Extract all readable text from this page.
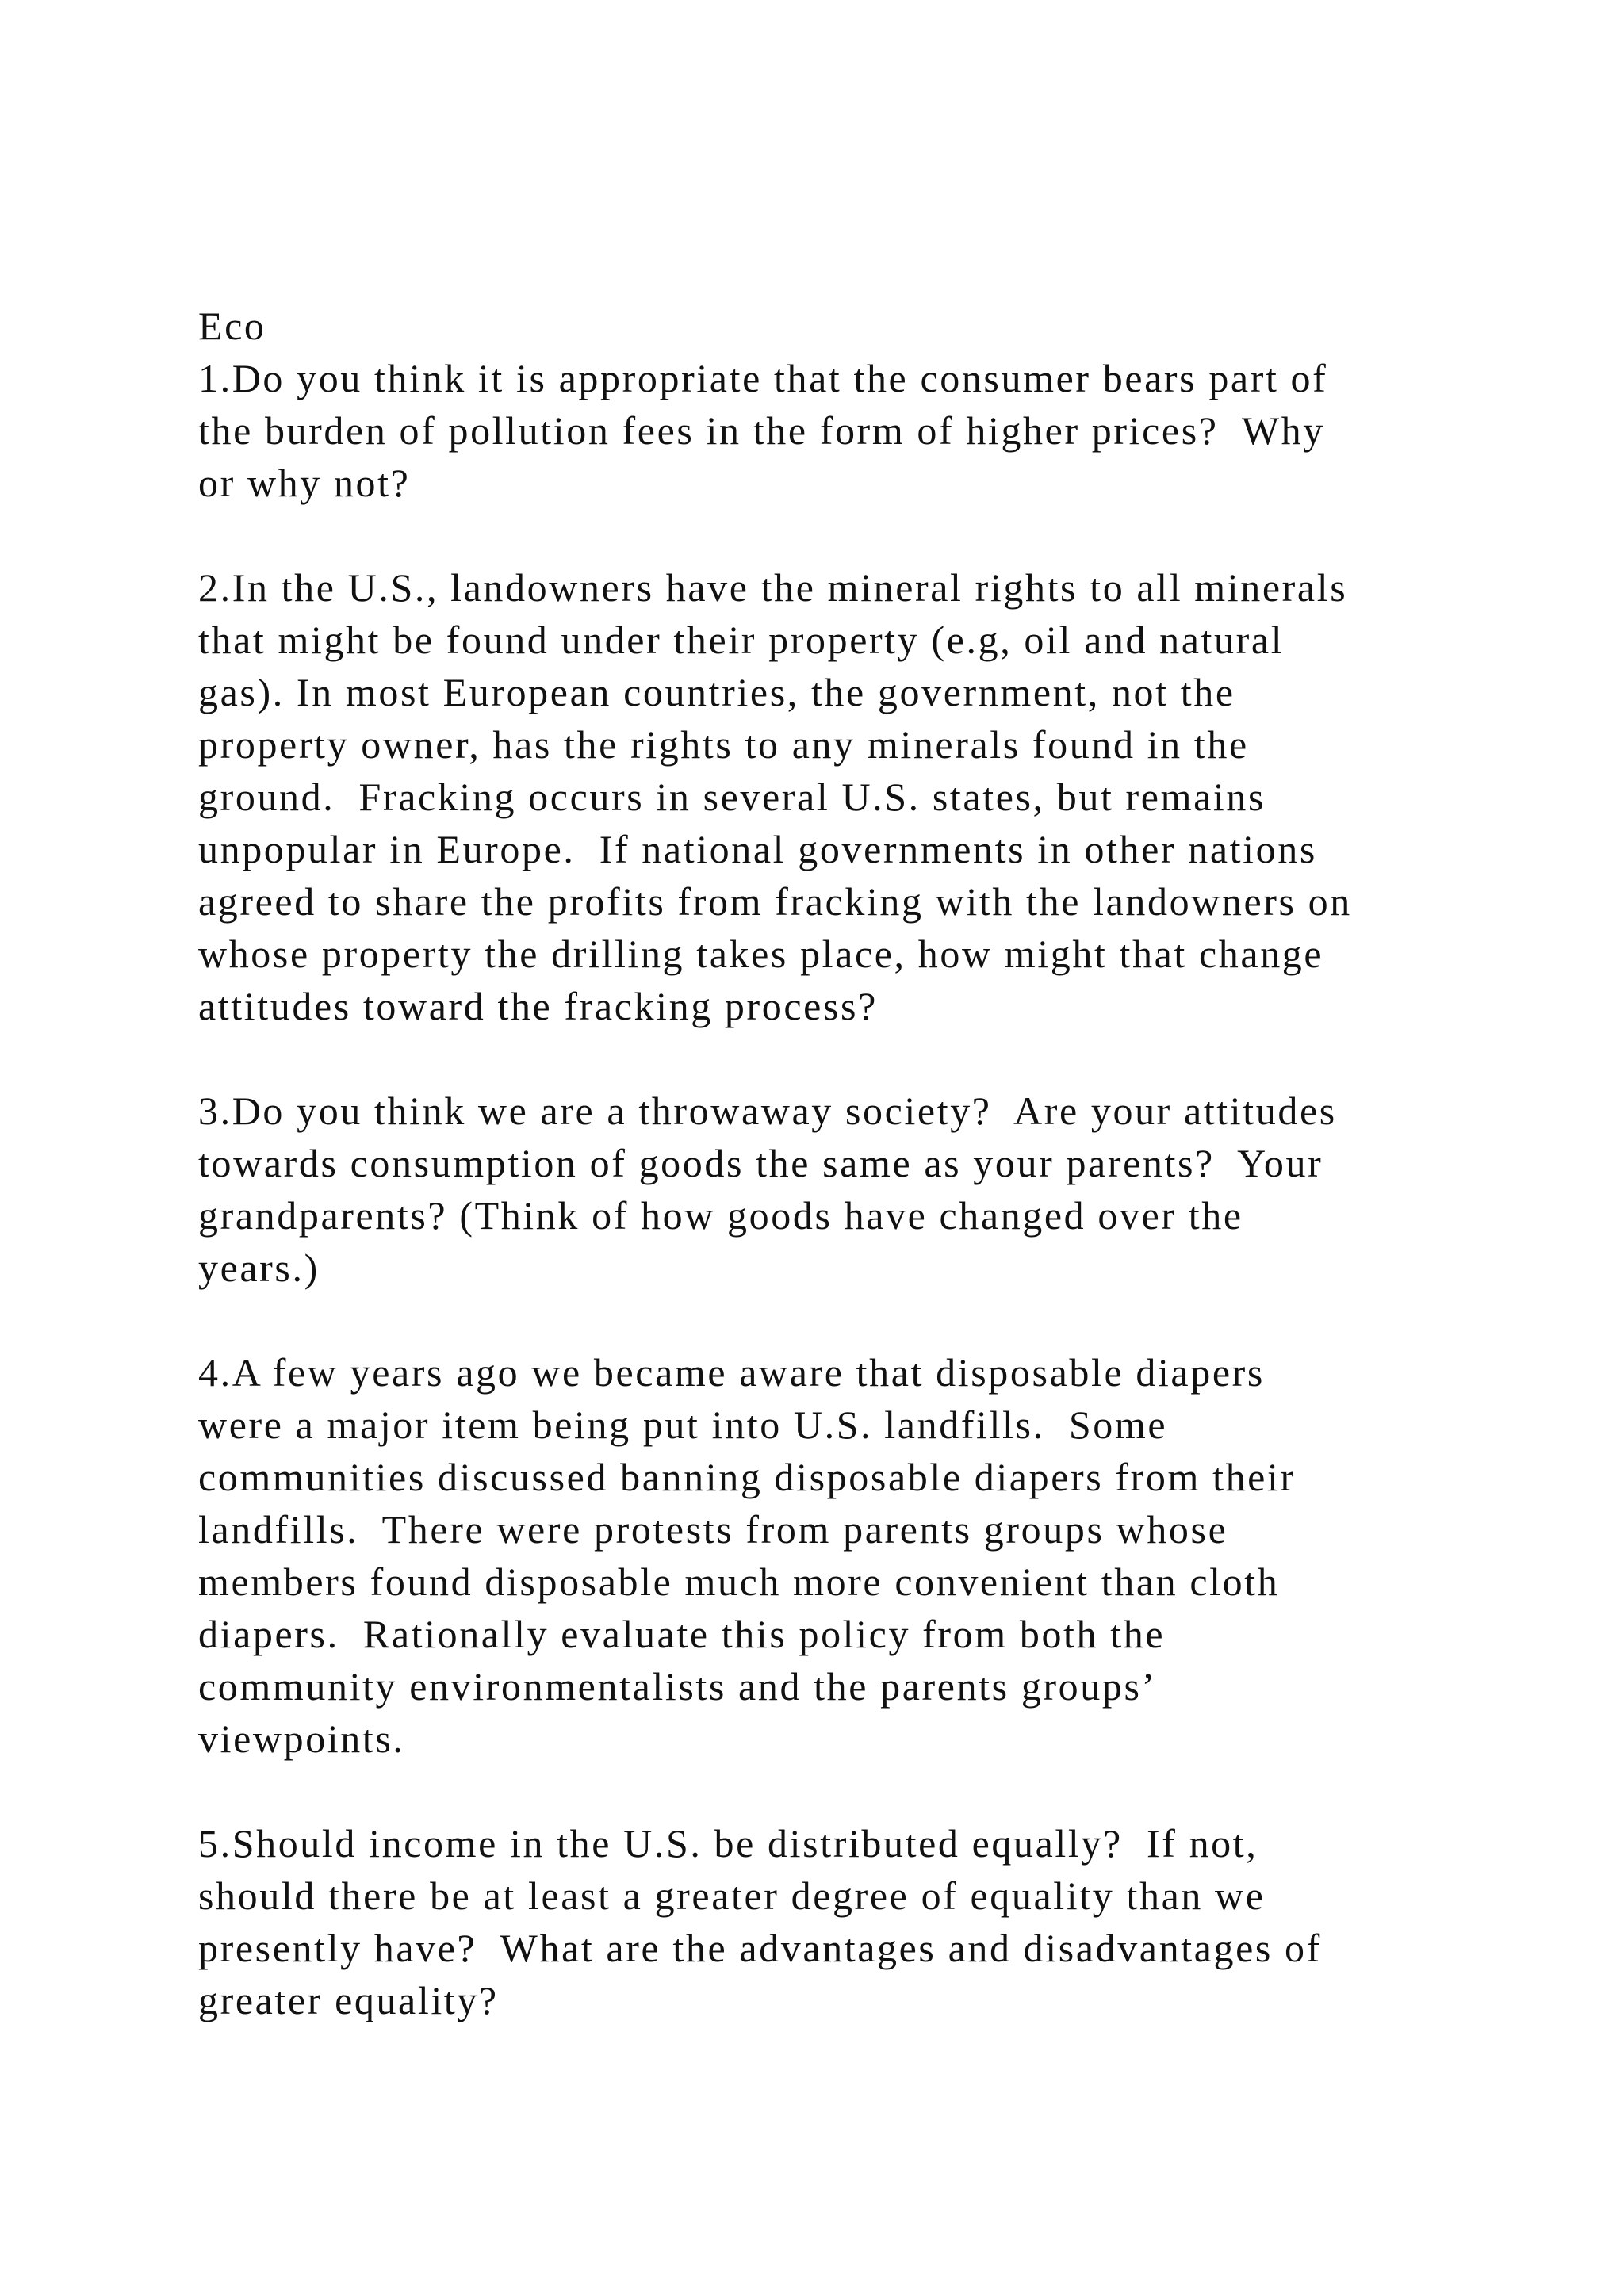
Eco
1.Do you think it is appropriate that the consumer bears part of
the burden of pollution fees in the form of higher prices?  Why
or why not?
2.In the U.S., landowners have the mineral rights to all minerals
that might be found under their property (e.g, oil and natural
gas). In most European countries, the government, not the
property owner, has the rights to any minerals found in the
ground.  Fracking occurs in several U.S. states, but remains
unpopular in Europe.  If national governments in other nations
agreed to share the profits from fracking with the landowners on
whose property the drilling takes place, how might that change
attitudes toward the fracking process?
3.Do you think we are a throwaway society?  Are your attitudes
towards consumption of goods the same as your parents?  Your
grandparents? (Think of how goods have changed over the
years.)
4.A few years ago we became aware that disposable diapers
were a major item being put into U.S. landfills.  Some
communities discussed banning disposable diapers from their
landfills.  There were protests from parents groups whose
members found disposable much more convenient than cloth
diapers.  Rationally evaluate this policy from both the
community environmentalists and the parents groups’
viewpoints.
5.Should income in the U.S. be distributed equally?  If not,
should there be at least a greater degree of equality than we
presently have?  What are the advantages and disadvantages of
greater equality?
